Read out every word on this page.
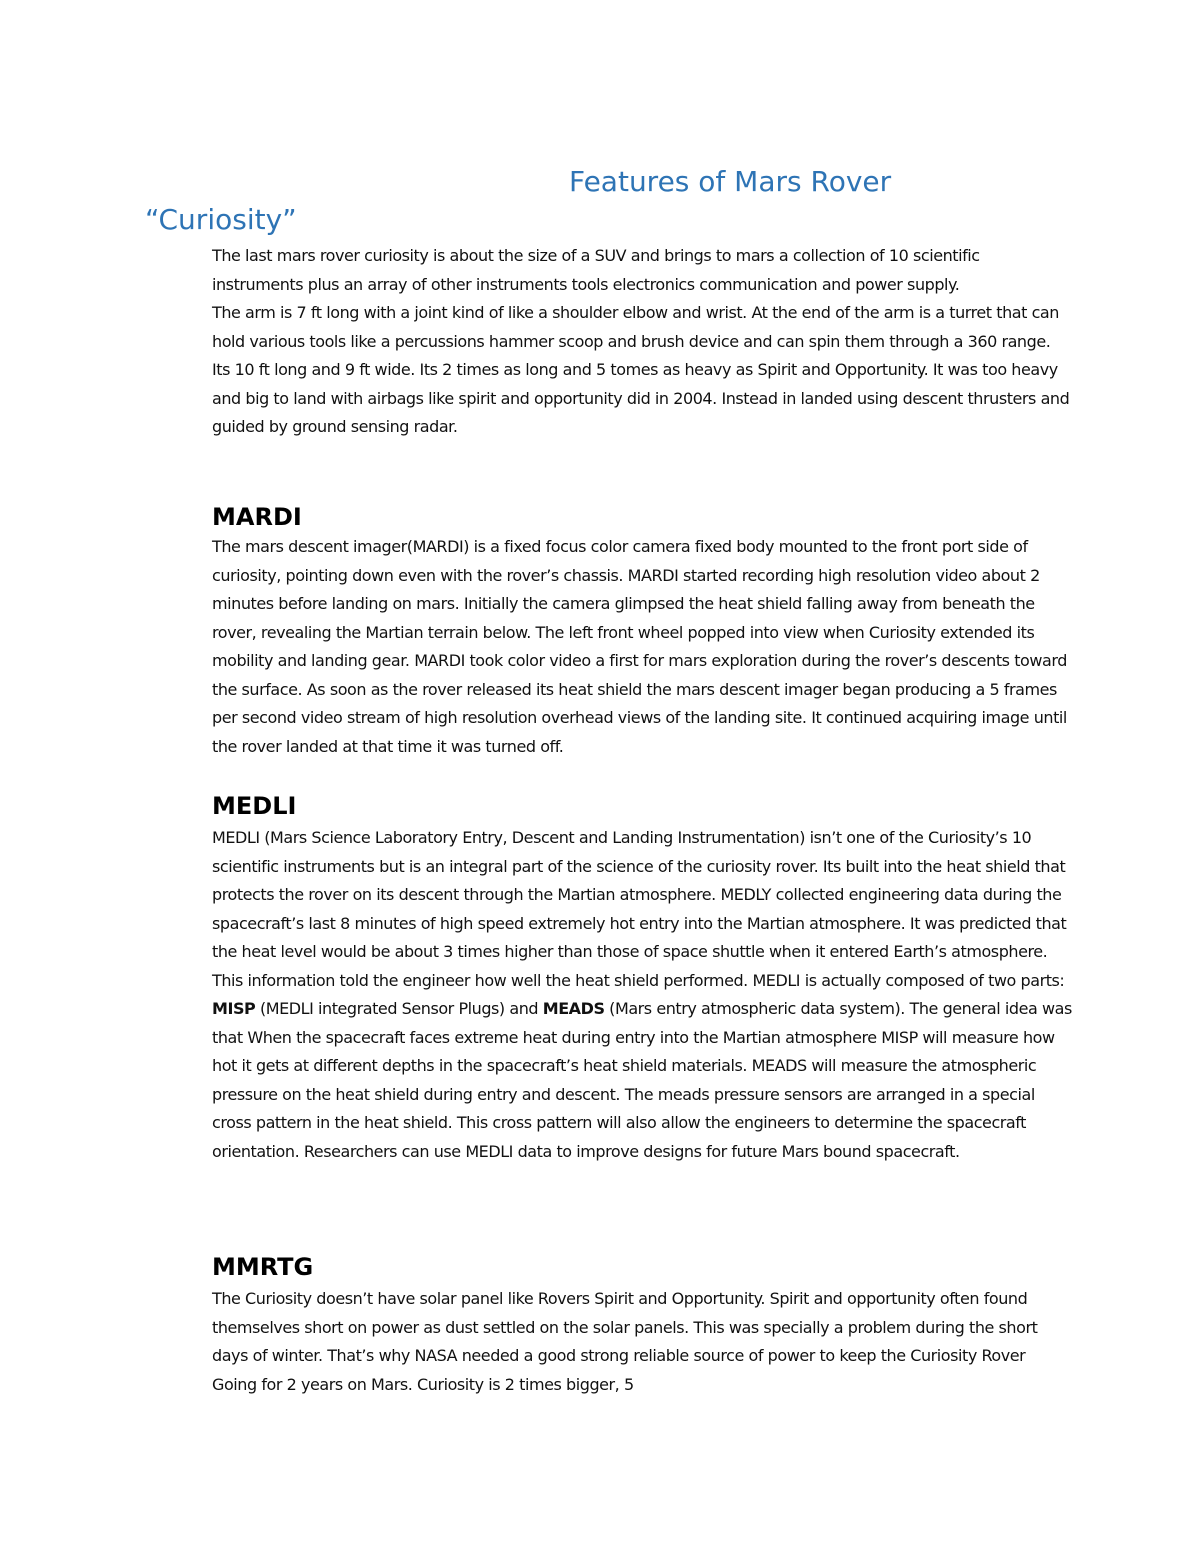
Features of Mars Rover
“Curiosity”

The last mars rover curiosity is about the size of a SUV and brings to mars a collection of 10 scientific instruments plus an array of other instruments tools electronics communication and power supply.

The arm is 7 ft long with a joint kind of like a shoulder elbow and wrist. At the end of the arm is a turret that can hold various tools like a percussions hammer scoop and brush device and can spin them through a 360 range. Its 10 ft long and 9 ft wide. Its 2 times as long and 5 tomes as heavy as Spirit and Opportunity. It was too heavy and big to land with airbags like spirit and opportunity did in 2004. Instead in landed using descent thrusters and guided by ground sensing radar.

MARDI

The mars descent imager(MARDI) is a fixed focus color camera fixed body mounted to the front port side of curiosity, pointing down even with the rover’s chassis. MARDI started recording high resolution video about 2 minutes before landing on mars. Initially the camera glimpsed the heat shield falling away from beneath the rover, revealing the Martian terrain below. The left front wheel popped into view when Curiosity extended its mobility and landing gear. MARDI took color video a first for mars exploration during the rover’s descents toward the surface. As soon as the rover released its heat shield the mars descent imager began producing a 5 frames per second video stream of high resolution overhead views of the landing site. It continued acquiring image until the rover landed at that time it was turned off.

MEDLI

MEDLI (Mars Science Laboratory Entry, Descent and Landing Instrumentation) isn’t one of the Curiosity’s 10 scientific instruments but is an integral part of the science of the curiosity rover. Its built into the heat shield that protects the rover on its descent through the Martian atmosphere. MEDLY collected engineering data during the spacecraft’s last 8 minutes of high speed extremely hot entry into the Martian atmosphere. It was predicted that the heat level would be about 3 times higher than those of space shuttle when it entered Earth’s atmosphere. This information told the engineer how well the heat shield performed. MEDLI is actually composed of two parts: MISP (MEDLI integrated Sensor Plugs) and MEADS (Mars entry atmospheric data system). The general idea was that When the spacecraft faces extreme heat during entry into the Martian atmosphere MISP will measure how hot it gets at different depths in the spacecraft’s heat shield materials. MEADS will measure the atmospheric pressure on the heat shield during entry and descent. The meads pressure sensors are arranged in a special cross pattern in the heat shield. This cross pattern will also allow the engineers to determine the spacecraft orientation. Researchers can use MEDLI data to improve designs for future Mars bound spacecraft.

MMRTG

The Curiosity doesn’t have solar panel like Rovers Spirit and Opportunity. Spirit and opportunity often found themselves short on power as dust settled on the solar panels. This was specially a problem during the short days of winter. That’s why NASA needed a good strong reliable source of power to keep the Curiosity Rover Going for 2 years on Mars. Curiosity is 2 times bigger, 5
